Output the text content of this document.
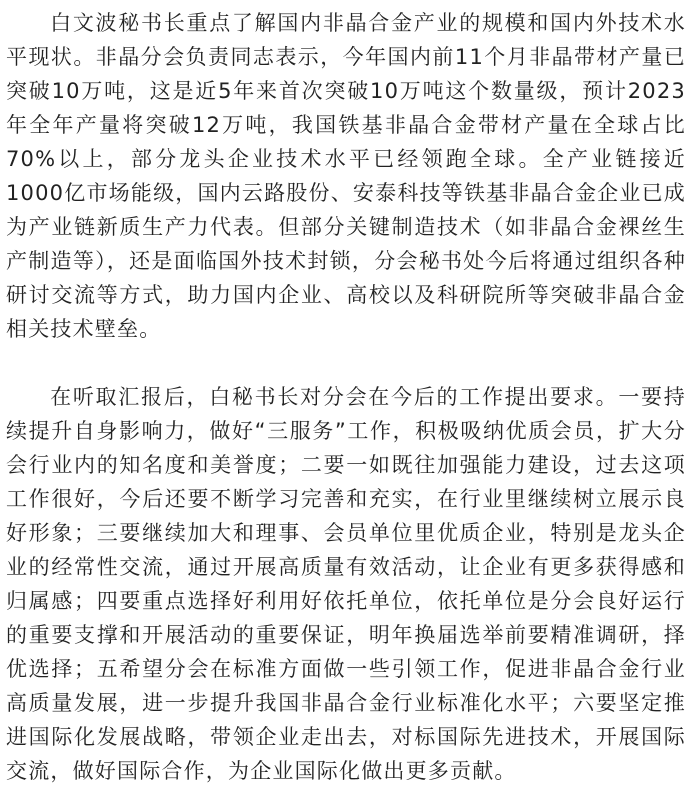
白文波秘书长重点了解国内非晶合金产业的规模和国内外技术水平现状。非晶分会负责同志表示，今年国内前11个月非晶带材产量已突破10万吨，这是近5年来首次突破10万吨这个数量级，预计2023年全年产量将突破12万吨，我国铁基非晶合金带材产量在全球占比70%以上，部分龙头企业技术水平已经领跑全球。全产业链接近1000亿市场能级，国内云路股份、安泰科技等铁基非晶合金企业已成为产业链新质生产力代表。但部分关键制造技术（如非晶合金裸丝生产制造等），还是面临国外技术封锁，分会秘书处今后将通过组织各种研讨交流等方式，助力国内企业、高校以及科研院所等突破非晶合金相关技术壁垒。

在听取汇报后，白秘书长对分会在今后的工作提出要求。一要持续提升自身影响力，做好“三服务”工作，积极吸纳优质会员，扩大分会行业内的知名度和美誉度；二要一如既往加强能力建设，过去这项工作很好，今后还要不断学习完善和充实，在行业里继续树立展示良好形象；三要继续加大和理事、会员单位里优质企业，特别是龙头企业的经常性交流，通过开展高质量有效活动，让企业有更多获得感和归属感；四要重点选择好利用好依托单位，依托单位是分会良好运行的重要支撑和开展活动的重要保证，明年换届选举前要精准调研，择优选择；五希望分会在标准方面做一些引领工作，促进非晶合金行业高质量发展，进一步提升我国非晶合金行业标准化水平；六要坚定推进国际化发展战略，带领企业走出去，对标国际先进技术，开展国际交流，做好国际合作，为企业国际化做出更多贡献。
